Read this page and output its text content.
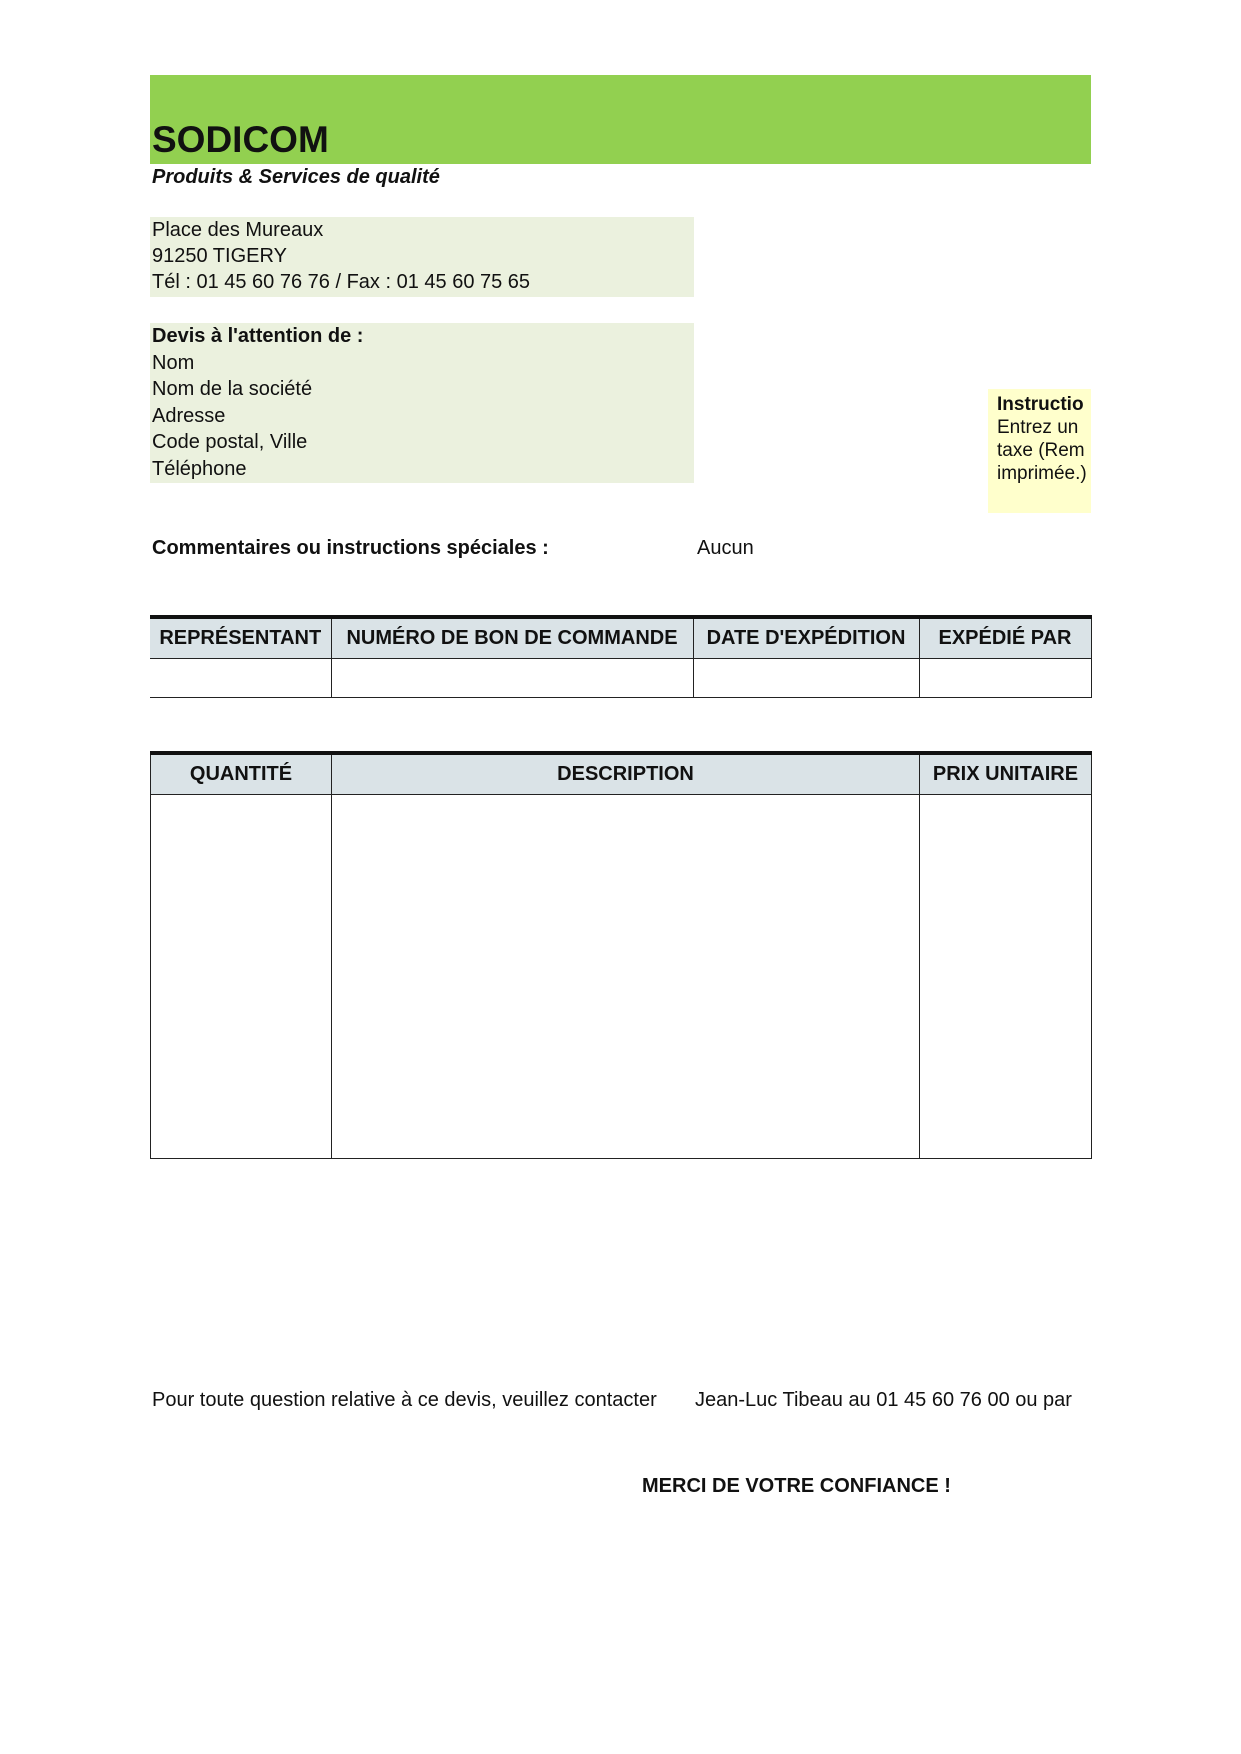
SODICOM
Produits & Services de qualité
Place des Mureaux
91250 TIGERY
Tél : 01 45 60 76 76 / Fax : 01 45 60 75 65
Devis à l'attention de :
Nom
Nom de la société
Adresse
Code postal, Ville
Téléphone
Instructio
Entrez un
taxe (Rem
imprimée.)
Commentaires ou instructions spéciales :	Aucun
REPRÉSENTANT	NUMÉRO DE BON DE COMMANDE	DATE D'EXPÉDITION	EXPÉDIÉ PAR

QUANTITÉ	DESCRIPTION	PRIX UNITAIRE

Pour toute question relative à ce devis, veuillez contacter Jean-Luc Tibeau au 01 45 60 76 00 ou par
MERCI DE VOTRE CONFIANCE !
